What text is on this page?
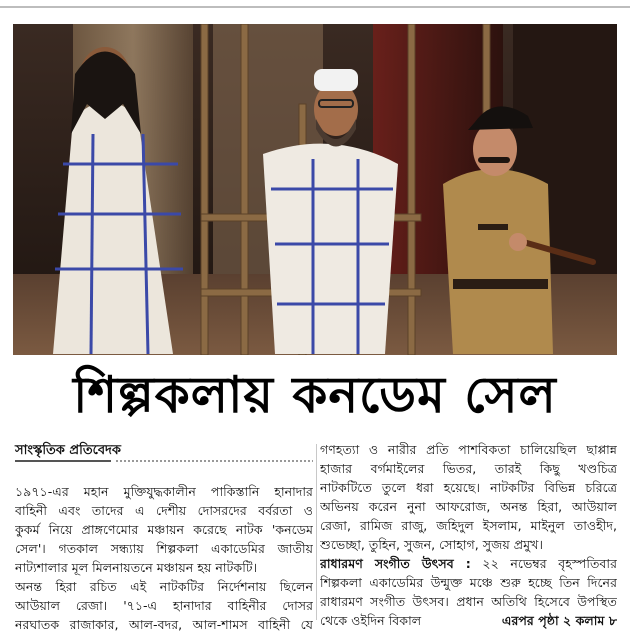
শিল্পকলায় কনডেম সেল
সাংস্কৃতিক প্রতিবেদক
১৯৭১-এর মহান মুক্তিযুদ্ধকালীন পাকিস্তানি হানাদার
বাহিনী এবং তাদের এ দেশীয় দোসরদের বর্বরতা ও
কুকর্ম নিয়ে প্রাঙ্গণেমোর মঞ্চায়ন করেছে নাটক 'কনডেম
সেল'। গতকাল সন্ধ্যায় শিল্পকলা একাডেমির জাতীয়
নাট্যশালার মূল মিলনায়তনে মঞ্চায়ন হয় নাটকটি।
অনন্ত হিরা রচিত এই নাটকটির নির্দেশনায় ছিলেন
আউয়াল রেজা। '৭১-এ হানাদার বাহিনীর দোসর
নরঘাতক রাজাকার, আল-বদর, আল-শামস বাহিনী যে
গণহত্যা ও নারীর প্রতি পাশবিকতা চালিয়েছিল ছাপ্পান্ন
হাজার বর্গমাইলের ভিতর, তারই কিছু খণ্ডচিত্র
নাটকটিতে তুলে ধরা হয়েছে। নাটকটির বিভিন্ন চরিত্রে
অভিনয় করেন নুনা আফরোজ, অনন্ত হিরা, আউয়াল
রেজা, রামিজ রাজু, জহিদুল ইসলাম, মাইনুল তাওহীদ,
শুভেচ্ছা, তুহিন, সুজন, সোহাগ, সুজয় প্রমুখ।
রাধারমণ সংগীত উৎসব : ২২ নভেম্বর বৃহস্পতিবার
শিল্পকলা একাডেমির উন্মুক্ত মঞ্চে শুরু হচ্ছে তিন দিনের
রাধারমণ সংগীত উৎসব। প্রধান অতিথি হিসেবে উপস্থিত
থেকে ওইদিন বিকাল	এরপর পৃষ্ঠা ২ কলাম ৮
